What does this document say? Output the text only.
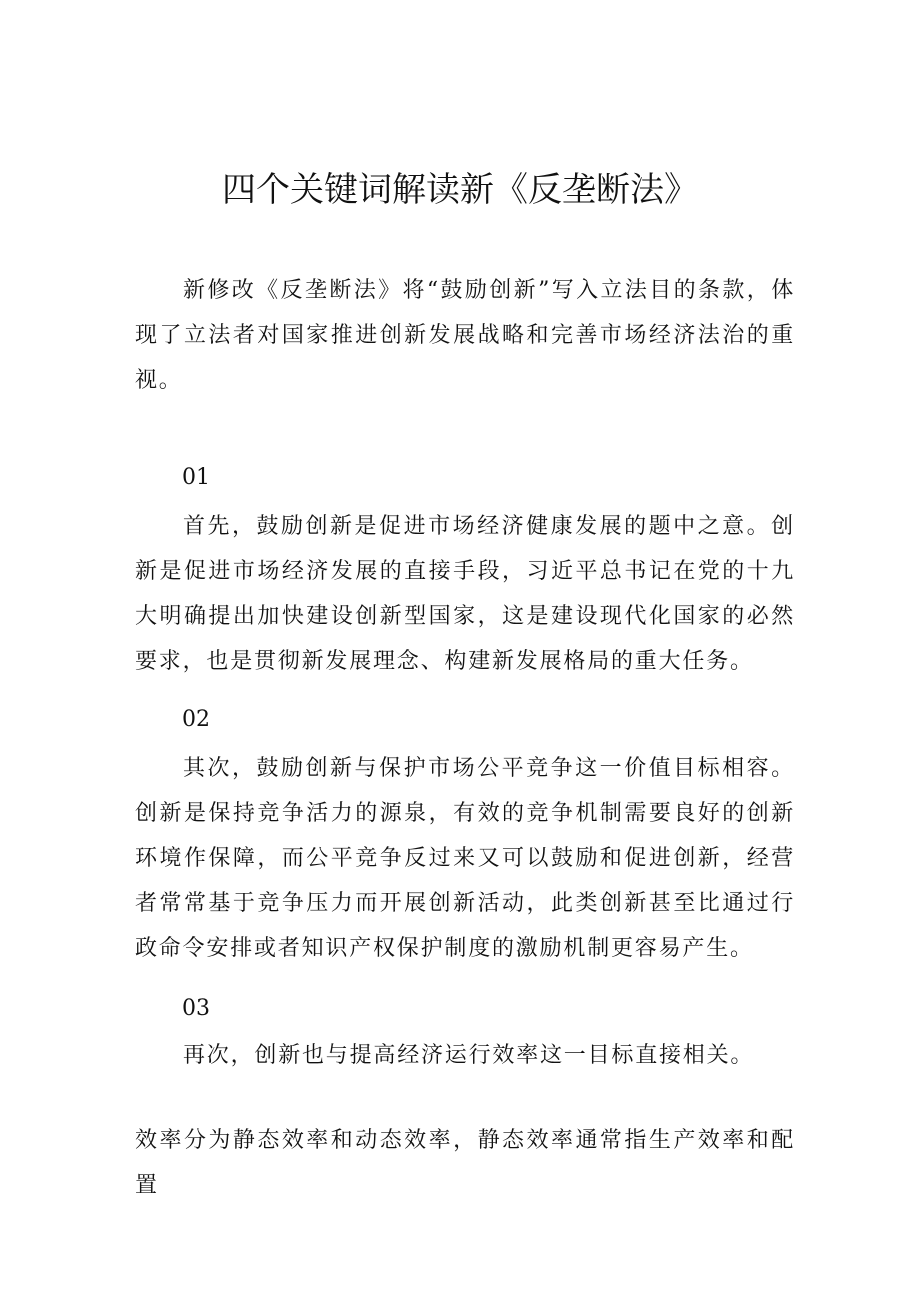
四个关键词解读新《反垄断法》

新修改《反垄断法》将“鼓励创新”写入立法目的条款，体现了立法者对国家推进创新发展战略和完善市场经济法治的重视。

01

首先，鼓励创新是促进市场经济健康发展的题中之意。创新是促进市场经济发展的直接手段，习近平总书记在党的十九大明确提出加快建设创新型国家，这是建设现代化国家的必然要求，也是贯彻新发展理念、构建新发展格局的重大任务。

02

其次，鼓励创新与保护市场公平竞争这一价值目标相容。创新是保持竞争活力的源泉，有效的竞争机制需要良好的创新环境作保障，而公平竞争反过来又可以鼓励和促进创新，经营者常常基于竞争压力而开展创新活动，此类创新甚至比通过行政命令安排或者知识产权保护制度的激励机制更容易产生。

03

再次，创新也与提高经济运行效率这一目标直接相关。

效率分为静态效率和动态效率，静态效率通常指生产效率和配置
